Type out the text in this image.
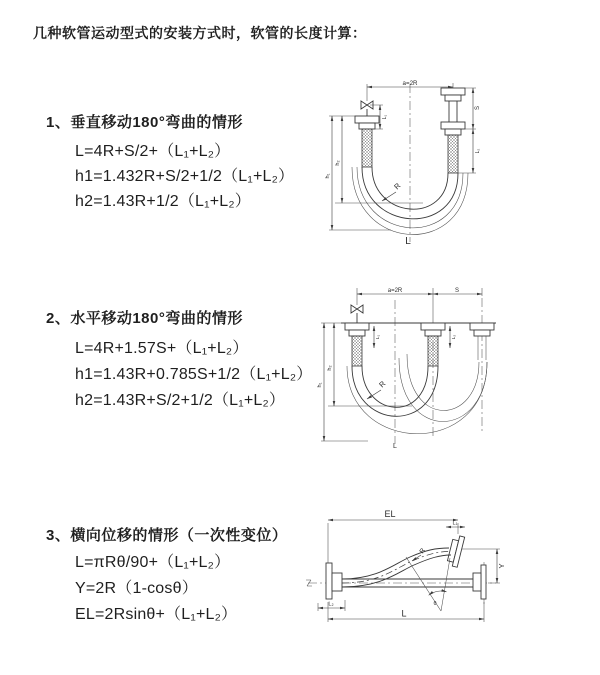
几种软管运动型式的安装方式时，软管的长度计算：
1、垂直移动180°弯曲的情形
L=4R+S/2+（L₁+L₂）
h1=1.432R+S/2+1/2（L₁+L₂）
h2=1.43R+1/2（L₁+L₂）
2、水平移动180°弯曲的情形
L=4R+1.57S+（L₁+L₂）
h1=1.43R+0.785S+1/2（L₁+L₂）
h2=1.43R+S/2+1/2（L₁+L₂）
3、横向位移的情形（一次性变位）
L=πRθ/90+（L₁+L₂）
Y=2R（1-cosθ）
EL=2Rsinθ+（L₁+L₂）
a=2R
h₁
h₂
L₁
S
L₂
R
L
a=2R	S
h₁
h₂
L₁	L₂
R
L
EL
L₁
Y
θ
R
L₂
L
